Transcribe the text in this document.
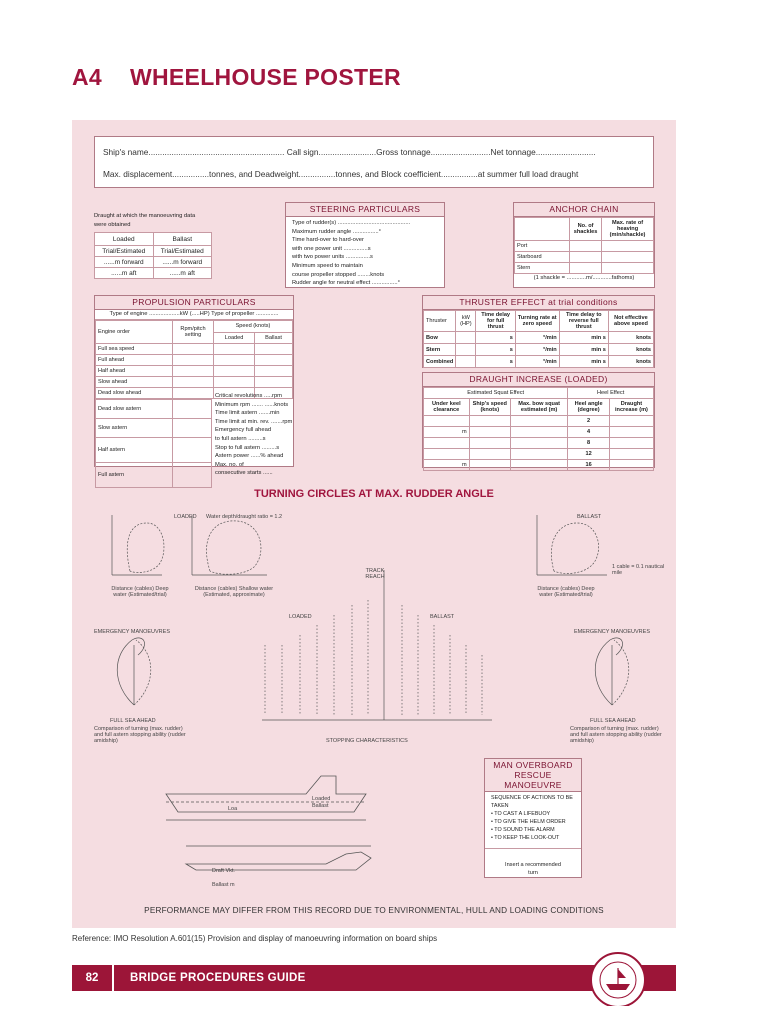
A4 WHEELHOUSE POSTER
Ship's name........................................................... Call sign.........................Gross tonnage..........................Net tonnage..........................
Max. displacement................tonnes, and Deadweight................tonnes, and Block coefficient................at summer full load draught
Draught at which the manoeuvring data were obtained
Loaded	Ballast
Trial/Estimated	Trial/Estimated
......m forward	......m forward
......m aft	......m aft
STEERING PARTICULARS
Type of rudder(s) .............................................
Maximum rudder angle ................°
Time hard-over to hard-over
with one power unit ...............s
with two power units ...............s
Minimum speed to maintain
course propeller stopped ........knots
Rudder angle for neutral effect ................°
ANCHOR CHAIN
	No. of shackles	Max. rate of heaving (min/shackle)
Port		
Starboard		
Stern		
(1 shackle = ............m/............fathoms)
PROPULSION PARTICULARS
Type of engine ...................kW (.....HP) Type of propeller ..............
Engine order	Rpm/pitch setting	Speed (knots)	
		Loaded	Ballast
Full sea speed			
Full ahead			
Half ahead			
Slow ahead			
Dead slow ahead			
Dead slow astern	
Slow astern	
Half astern	
Full astern	
Critical revolutions .....rpm
Minimum rpm ....... ......knots
Time limit astern .......min
Time limit at min. rev. .......rpm
Emergency full ahead
to full astern .........s
Stop to full astern .........s
Astern power ......% ahead
Max. no. of
consecutive starts ......
THRUSTER EFFECT at trial conditions
Thruster	kW (HP)	Time delay for full thrust	Turning rate at zero speed	Time delay to reverse full thrust	Not effective above speed
Bow		s	°/min	min s	knots
Stern		s	°/min	min s	knots
Combined		s	°/min	min s	knots
DRAUGHT INCREASE (LOADED)
Estimated Squat Effect			Heel Effect	
Under keel clearance	Ship's speed (knots)	Max. bow squat estimated (m)	Heel angle (degree)	Draught increase (m)
			2	
m			4	
			8	
			12	
m			16	
TURNING CIRCLES AT MAX. RUDDER ANGLE
LOADED Water depth/draught ratio = 1.2	BALLAST
Distance (cables) Deep water (Estimated/trial)
Distance (cables) Shallow water (Estimated, approximate)
Distance (cables) Deep water (Estimated/trial)
1 cable = 0.1 nautical mile
TRACK REACH
LOADED	BALLAST
STOPPING CHARACTERISTICS
EMERGENCY MANOEUVRES	EMERGENCY MANOEUVRES
FULL SEA AHEAD	FULL SEA AHEAD
Comparison of turning (max. rudder) and full astern stopping ability (rudder amidship)
Comparison of turning (max. rudder) and full astern stopping ability (rudder amidship)
Loaded
Ballast
Loa
Draft Vkt.
Ballast m
MAN OVERBOARD
RESCUE MANOEUVRE
SEQUENCE OF ACTIONS TO BE TAKEN
• TO CAST A LIFEBUOY
• TO GIVE THE HELM ORDER
• TO SOUND THE ALARM
• TO KEEP THE LOOK-OUT
Insert a recommended turn
PERFORMANCE MAY DIFFER FROM THIS RECORD DUE TO ENVIRONMENTAL, HULL AND LOADING CONDITIONS
Reference: IMO Resolution A.601(15) Provision and display of manoeuvring information on board ships
82	BRIDGE PROCEDURES GUIDE
